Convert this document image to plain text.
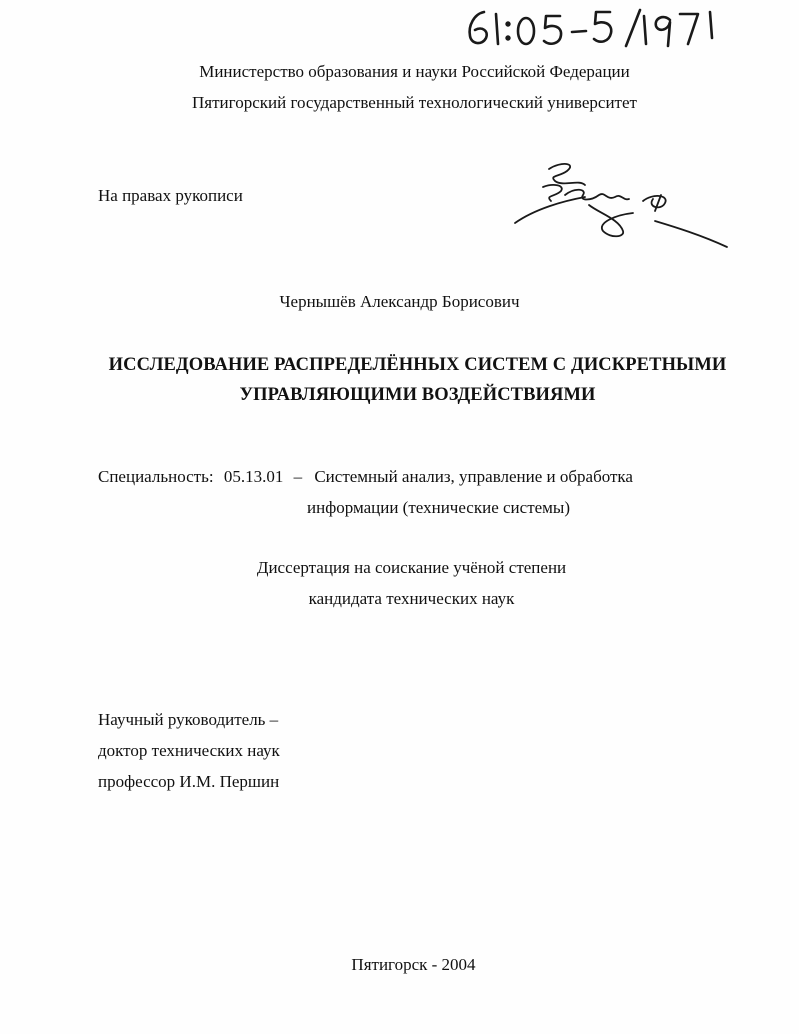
Министерство образования и науки Российской Федерации
Пятигорский государственный технологический университет
На правах рукописи
Чернышёв Александр Борисович
ИССЛЕДОВАНИЕ РАСПРЕДЕЛЁННЫХ СИСТЕМ С ДИСКРЕТНЫМИ
УПРАВЛЯЮЩИМИ ВОЗДЕЙСТВИЯМИ
Специальность: 05.13.01 – Системный анализ, управление и обработка
информации (технические системы)
Диссертация на соискание учёной степени
кандидата технических наук
Научный руководитель –
доктор технических наук
профессор И.М. Першин
Пятигорск - 2004
